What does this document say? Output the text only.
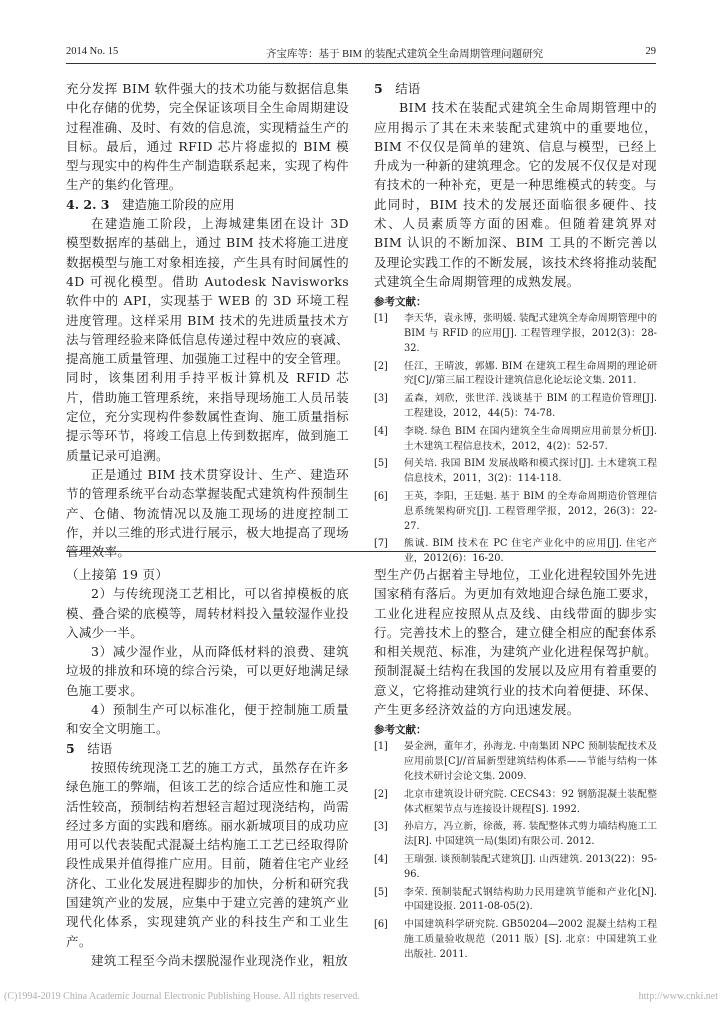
2014 No. 15	齐宝库等：基于 BIM 的装配式建筑全生命周期管理问题研究	29

充分发挥 BIM 软件强大的技术功能与数据信息集中化存储的优势，完全保证该项目全生命周期建设过程准确、及时、有效的信息流，实现精益生产的目标。最后，通过 RFID 芯片将虚拟的 BIM 模型与现实中的构件生产制造联系起来，实现了构件生产的集约化管理。

4. 2. 3  建造施工阶段的应用

在建造施工阶段，上海城建集团在设计 3D 模型数据库的基础上，通过 BIM 技术将施工进度数据模型与施工对象相连接，产生具有时间属性的 4D 可视化模型。借助 Autodesk Navisworks 软件中的 API，实现基于 WEB 的 3D 环境工程进度管理。这样采用 BIM 技术的先进质量技术方法与管理经验来降低信息传递过程中效应的衰减、提高施工质量管理、加强施工过程中的安全管理。同时，该集团利用手持平板计算机及 RFID 芯片，借助施工管理系统，来指导现场施工人员吊装定位，充分实现构件参数属性查询、施工质量指标提示等环节，将竣工信息上传到数据库，做到施工质量记录可追溯。

正是通过 BIM 技术贯穿设计、生产、建造环节的管理系统平台动态掌握装配式建筑构件预制生产、仓储、物流情况以及施工现场的进度控制工作，并以三维的形式进行展示，极大地提高了现场管理效率。

5  结语

BIM 技术在装配式建筑全生命周期管理中的应用揭示了其在未来装配式建筑中的重要地位，BIM 不仅仅是简单的建筑、信息与模型，已经上升成为一种新的建筑理念。它的发展不仅仅是对现有技术的一种补充，更是一种思维模式的转变。与此同时，BIM 技术的发展还面临很多硬件、技术、人员素质等方面的困难。但随着建筑界对 BIM 认识的不断加深、BIM 工具的不断完善以及理论实践工作的不断发展，该技术终将推动装配式建筑全生命周期管理的成熟发展。

参考文献：

[1] 李天华，袁永博，张明媛. 装配式建筑全寿命周期管理中的 BIM 与 RFID 的应用[J]. 工程管理学报，2012(3)：28-32.
[2] 任江，王晴波，郭娜. BIM 在建筑工程生命周期的理论研究[C]//第三届工程设计建筑信息化论坛论文集. 2011.
[3] 孟森，刘欣，张世洋. 浅谈基于 BIM 的工程造价管理[J]. 工程建设，2012，44(5)：74-78.
[4] 李晓. 绿色 BIM 在国内建筑全生命周期应用前景分析[J]. 土木建筑工程信息技术，2012，4(2)：52-57.
[5] 何关培. 我国 BIM 发展战略和模式探讨[J]. 土木建筑工程信息技术，2011，3(2)：114-118.
[6] 王英，李阳，王廷魁. 基于 BIM 的全寿命周期造价管理信息系统架构研究[J]. 工程管理学报，2012，26(3)：22-27.
[7] 熊诚. BIM 技术在 PC 住宅产业化中的应用[J]. 住宅产业，2012(6)：16-20.

（上接第 19 页）

2）与传统现浇工艺相比，可以省掉模板的底模、叠合梁的底模等，周转材料投入量较湿作业投入减少一半。

3）减少湿作业，从而降低材料的浪费、建筑垃圾的排放和环境的综合污染，可以更好地满足绿色施工要求。

4）预制生产可以标准化，便于控制施工质量和安全文明施工。

5  结语

按照传统现浇工艺的施工方式，虽然存在许多绿色施工的弊端，但该工艺的综合适应性和施工灵活性较高，预制结构若想轻言超过现浇结构，尚需经过多方面的实践和磨练。丽水新城项目的成功应用可以代表装配式混凝土结构施工工艺已经取得阶段性成果并值得推广应用。目前，随着住宅产业经济化、工业化发展进程脚步的加快，分析和研究我国建筑产业的发展，应集中于建立完善的建筑产业现代化体系，实现建筑产业的科技生产和工业生产。

建筑工程至今尚未摆脱湿作业现浇作业，粗放

型生产仍占据着主导地位，工业化进程较国外先进国家稍有落后。为更加有效地迎合绿色施工要求，工业化进程应按照从点及线、由线带面的脚步实行。完善技术上的整合，建立健全相应的配套体系和相关规范、标准，为建筑产业化进程保驾护航。预制混凝土结构在我国的发展以及应用有着重要的意义，它将推动建筑行业的技术向着便捷、环保、产生更多经济效益的方向迅速发展。

参考文献：

[1] 晏金洲，董年才，孙海龙. 中南集团 NPC 预制装配技术及应用前景[C]//首届新型建筑结构体系——节能与结构一体化技术研讨会论文集. 2009.
[2] 北京市建筑设计研究院. CECS43：92 钢筋混凝土装配整体式框架节点与连接设计规程[S]. 1992.
[3] 孙启方，冯立新，徐薇，蒋. 装配整体式剪力墙结构施工工法[R]. 中国建筑一局(集团)有限公司. 2012.
[4] 王瑞强. 谈预制装配式建筑[J]. 山西建筑. 2013(22)：95-96.
[5] 李荣. 预制装配式钢结构助力民用建筑节能和产业化[N]. 中国建设报. 2011-08-05(2).
[6] 中国建筑科学研究院. GB50204—2002 混凝土结构工程施工质量验收规范（2011 版）[S]. 北京：中国建筑工业出版社. 2011.
(C)1994-2019 China Academic Journal Electronic Publishing House. All rights reserved.	http://www.cnki.net
